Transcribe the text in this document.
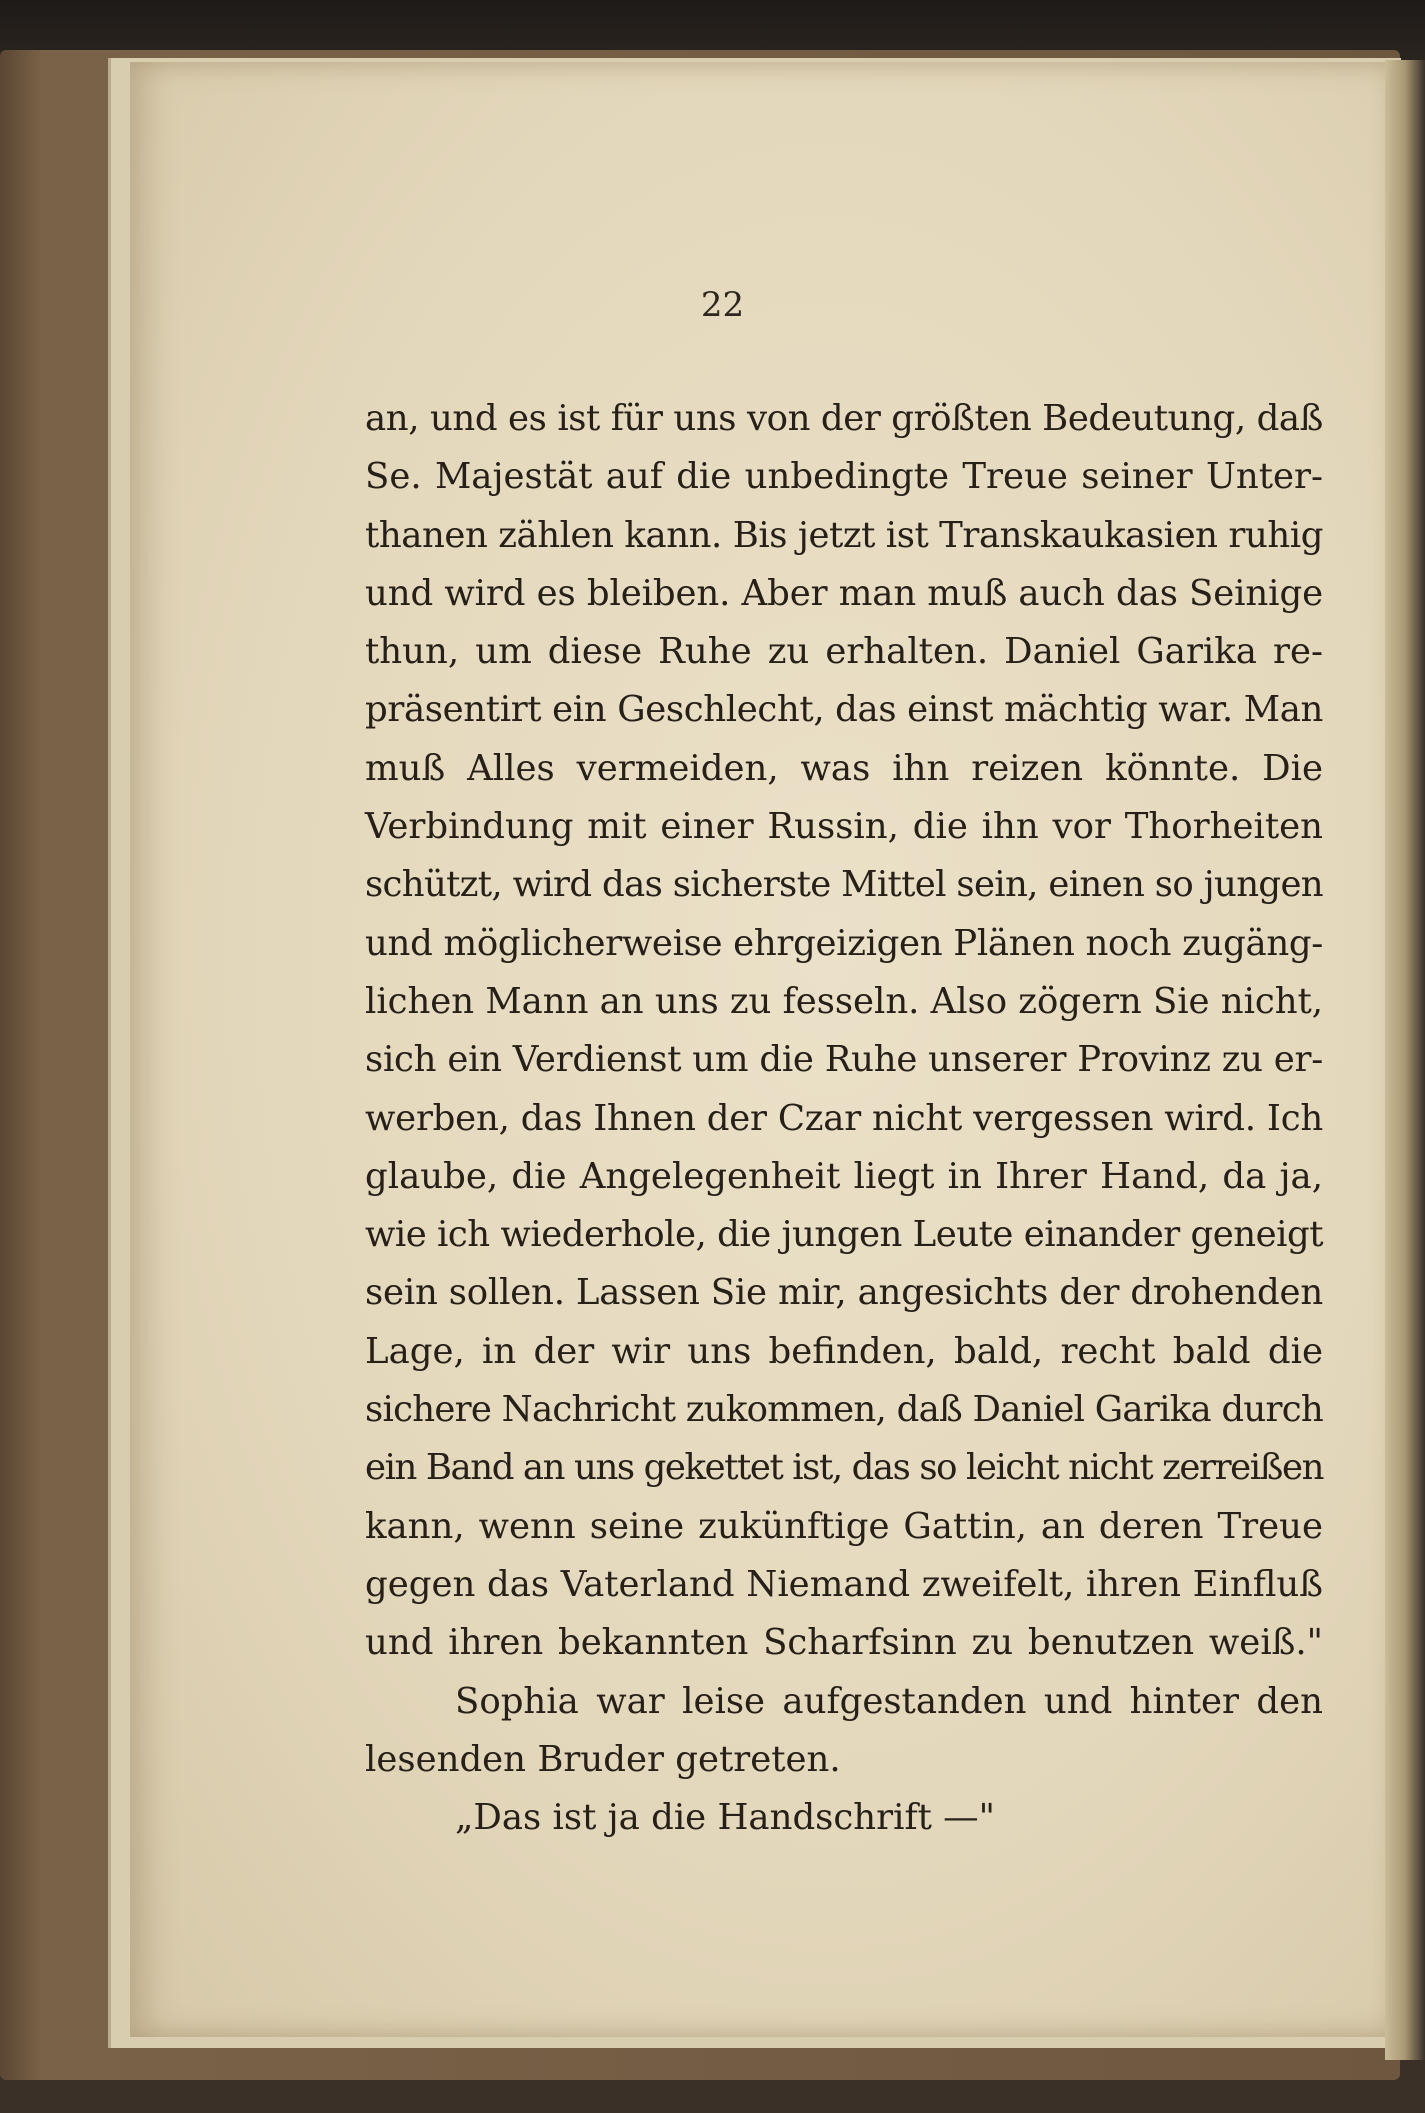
22
an, und es ist für uns von der größten Bedeutung, daß
Se. Majestät auf die unbedingte Treue seiner Unter-
thanen zählen kann. Bis jetzt ist Transkaukasien ruhig
und wird es bleiben. Aber man muß auch das Seinige
thun, um diese Ruhe zu erhalten. Daniel Garika re-
präsentirt ein Geschlecht, das einst mächtig war. Man
muß Alles vermeiden, was ihn reizen könnte. Die
Verbindung mit einer Russin, die ihn vor Thorheiten
schützt, wird das sicherste Mittel sein, einen so jungen
und möglicherweise ehrgeizigen Plänen noch zugäng-
lichen Mann an uns zu fesseln. Also zögern Sie nicht,
sich ein Verdienst um die Ruhe unserer Provinz zu er-
werben, das Ihnen der Czar nicht vergessen wird. Ich
glaube, die Angelegenheit liegt in Ihrer Hand, da ja,
wie ich wiederhole, die jungen Leute einander geneigt
sein sollen. Lassen Sie mir, angesichts der drohenden
Lage, in der wir uns befinden, bald, recht bald die
sichere Nachricht zukommen, daß Daniel Garika durch
ein Band an uns gekettet ist, das so leicht nicht zerreißen
kann, wenn seine zukünftige Gattin, an deren Treue
gegen das Vaterland Niemand zweifelt, ihren Einfluß
und ihren bekannten Scharfsinn zu benutzen weiß."
Sophia war leise aufgestanden und hinter den
lesenden Bruder getreten.
„Das ist ja die Handschrift —"
